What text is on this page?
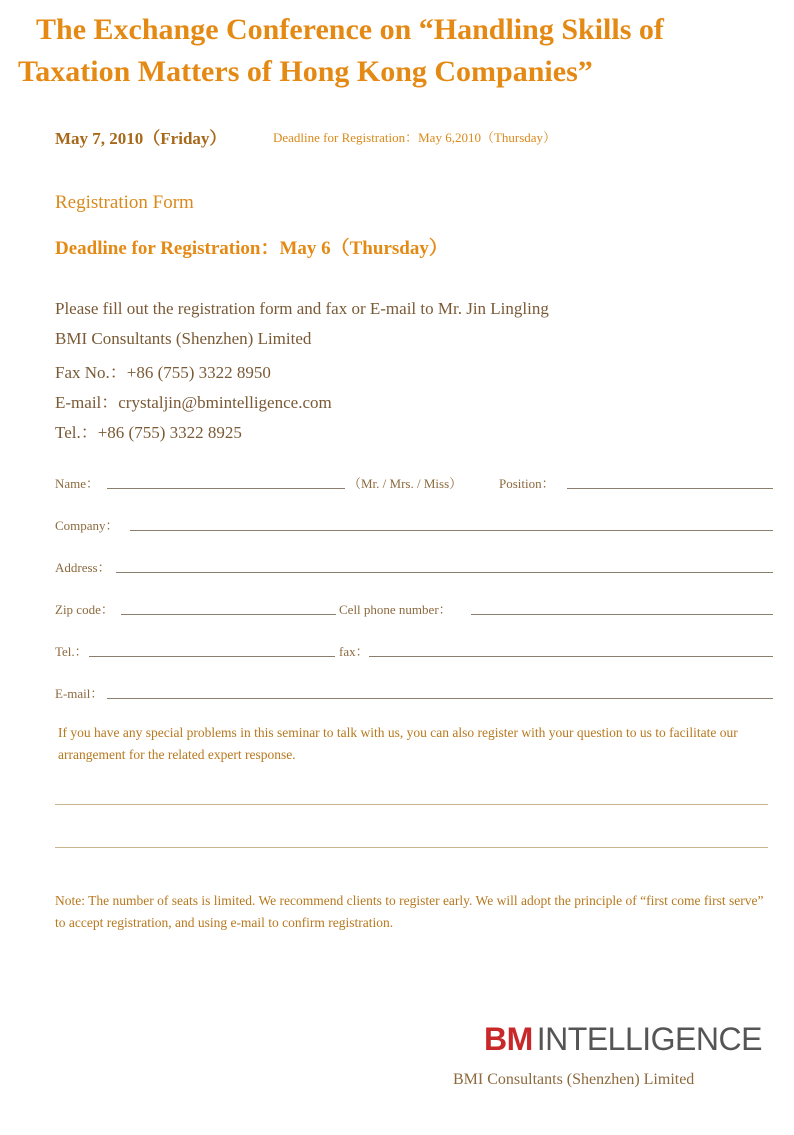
The Exchange Conference on “Handling Skills of
Taxation Matters of Hong Kong Companies”
May 7, 2010（Friday）	Deadline for Registration：May 6,2010（Thursday）
Registration Form
Deadline for Registration：May 6（Thursday）
Please fill out the registration form and fax or E-mail to Mr. Jin Lingling
BMI Consultants (Shenzhen) Limited
Fax No.：+86 (755) 3322 8950
E-mail：crystaljin@bmintelligence.com
Tel.：+86 (755) 3322 8925
Name：	（Mr. / Mrs. / Miss）	Position：
Company：
Address：
Zip code：	Cell phone number：
Tel.：	fax：
E-mail：
If you have any special problems in this seminar to talk with us, you can also register with your question to us to facilitate our arrangement for the related expert response.
Note: The number of seats is limited. We recommend clients to register early. We will adopt the principle of “first come first serve” to accept registration, and using e-mail to confirm registration.
BM INTELLIGENCE
BMI Consultants (Shenzhen) Limited
